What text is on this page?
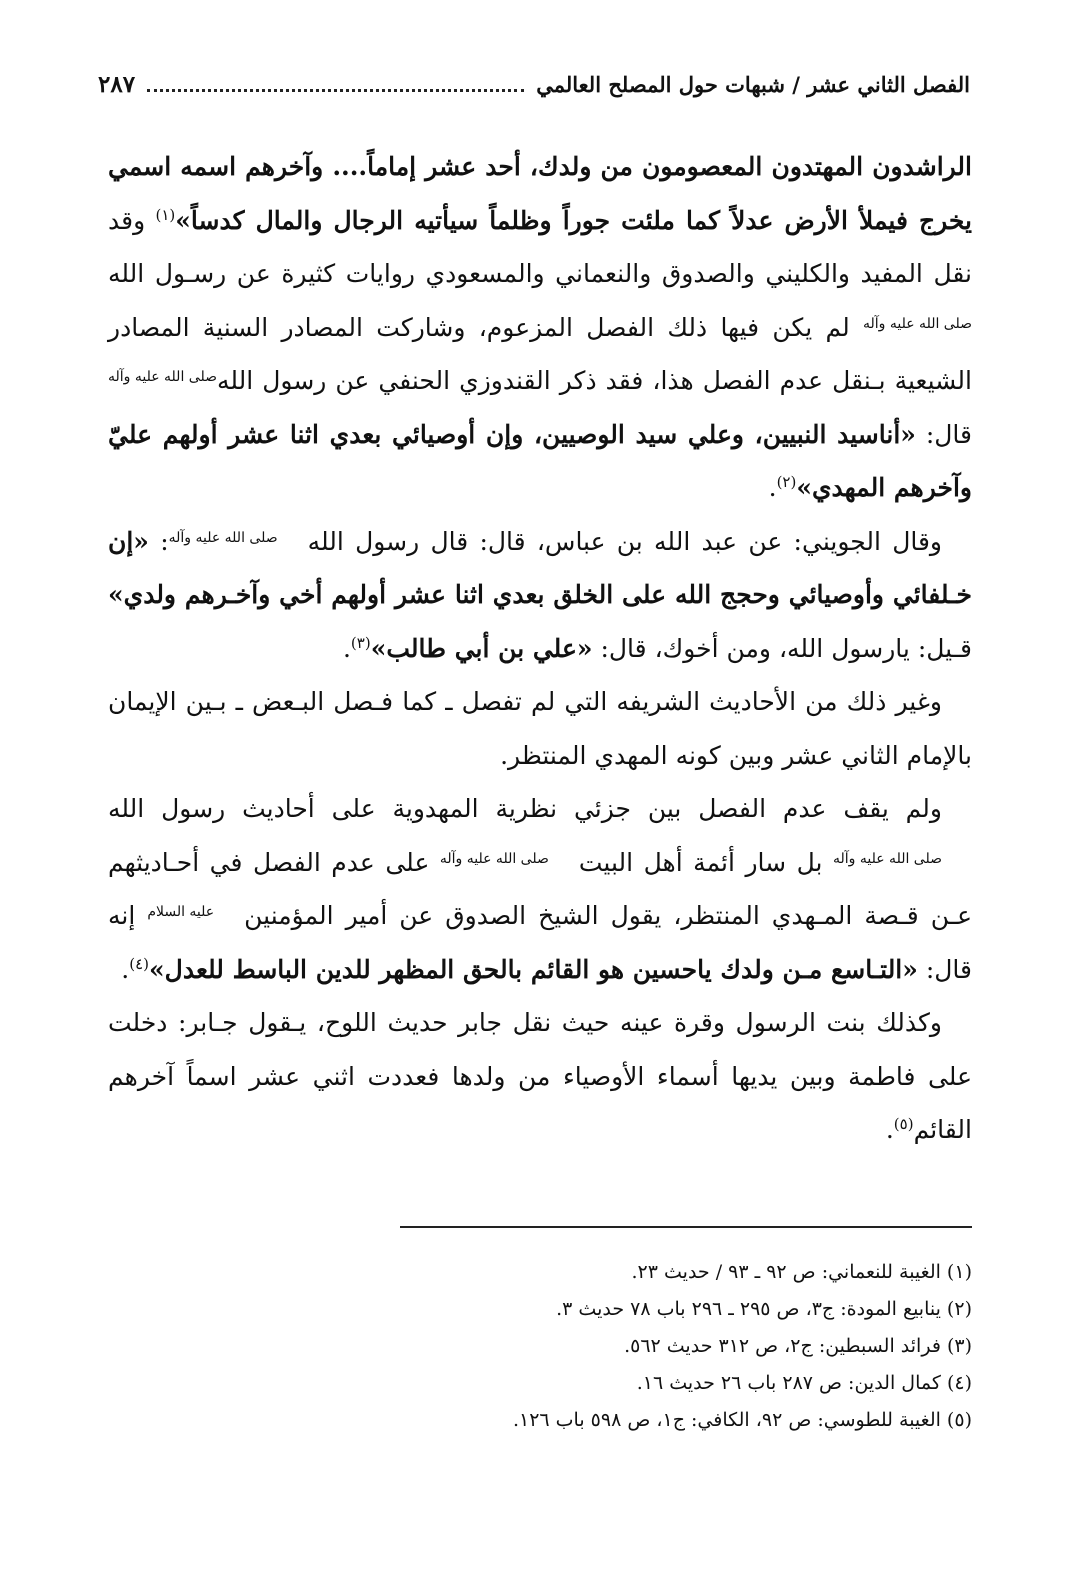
الفصل الثاني عشر / شبهات حول المصلح العالمي
٢٨٧

الراشدون المهتدون المعصومون من ولدك، أحد عشر إماماً.... وآخرهم اسمه اسمي يخرج فيملأ الأرض عدلاً كما ملئت جوراً وظلماً سيأتيه الرجال والمال كدساً»$^{(١)}$ وقد نقل المفيد والكليني والصدوق والنعماني والمسعودي روايات كثيرة عن رسـول اللهصلى الله عليه وآله لم يكن فيها ذلك الفصل المزعوم، وشاركت المصادر السنية المصادر الشيعية بـنقل عدم الفصل هذا، فقد ذكر القندوزي الحنفي عن رسول اللهصلى الله عليه وآله قال: «أناسيد النبيين، وعلي سيد الوصيين، وإن أوصيائي بعدي اثنا عشر أولهم عليّ وآخرهم المهدي»$^{(٢)}$.

وقال الجويني: عن عبد الله بن عباس، قال: قال رسول اللهصلى الله عليه وآله: «إن خـلفائي وأوصيائي وحجج الله على الخلق بعدي اثنا عشر أولهم أخي وآخـرهم ولدي» قـيل: يارسول الله، ومن أخوك، قال: «علي بن أبي طالب»$^{(٣)}$.

وغير ذلك من الأحاديث الشريفه التي لم تفصل ـ كما فـصل البـعض ـ بـين الإيمان بالإمام الثاني عشر وبين كونه المهدي المنتظر.

ولم يقف عدم الفصل بين جزئي نظرية المهدوية على أحاديث رسول اللهصلى الله عليه وآله بل سار أئمة أهل البيتصلى الله عليه وآله على عدم الفصل في أحـاديثهم عـن قـصة المـهدي المنتظر، يقول الشيخ الصدوق عن أمير المؤمنينعليه السلام إنه قال: «التـاسع مـن ولدك ياحسين هو القائم بالحق المظهر للدين الباسط للعدل»$^{(٤)}$.

وكذلك بنت الرسول وقرة عينه حيث نقل جابر حديث اللوح، يـقول جـابر: دخلت على فاطمة وبين يديها أسماء الأوصياء من ولدها فعددت اثني عشر اسماً آخرهم القائم$^{(٥)}$.

(١) الغيبة للنعماني: ص ٩٢ ـ ٩٣ / حديث ٢٣.
(٢) ينابيع المودة: ج٣، ص ٢٩٥ ـ ٢٩٦ باب ٧٨ حديث ٣.
(٣) فرائد السبطين: ج٢، ص ٣١٢ حديث ٥٦٢.
(٤) كمال الدين: ص ٢٨٧ باب ٢٦ حديث ١٦.
(٥) الغيبة للطوسي: ص ٩٢، الكافي: ج١، ص ٥٩٨ باب ١٢٦.
